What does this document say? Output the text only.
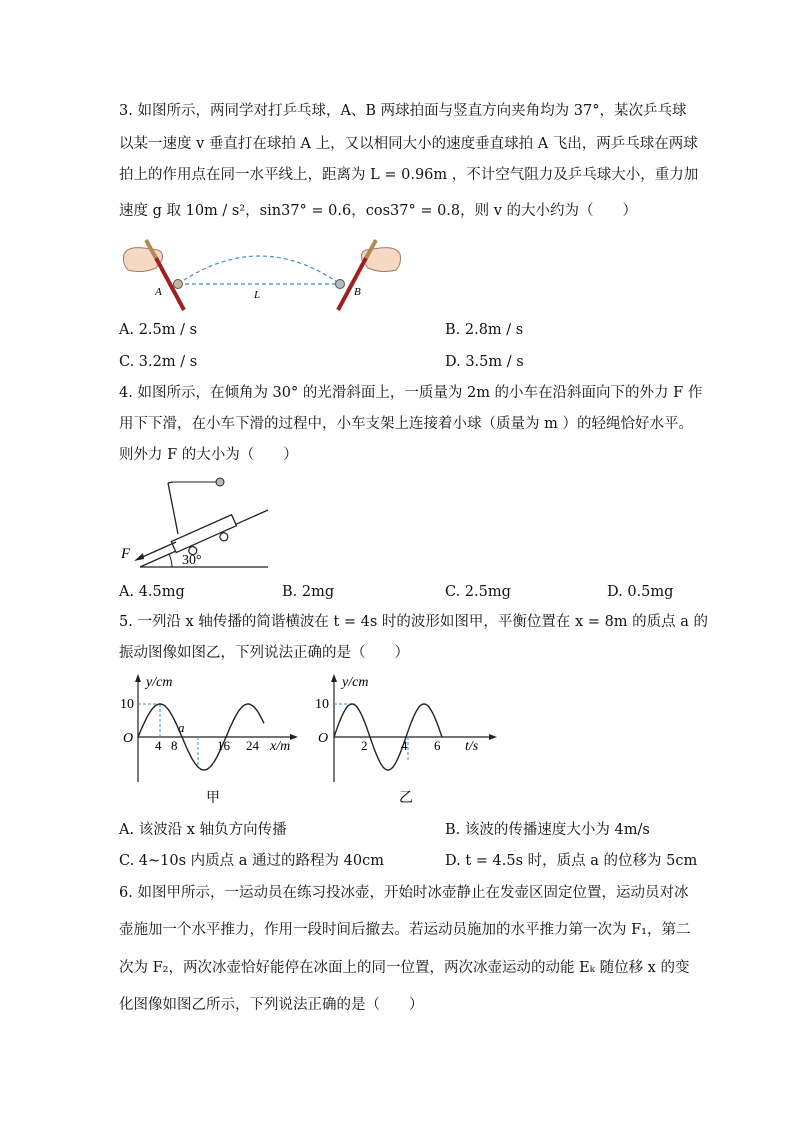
3. 如图所示，两同学对打乒乓球，A、B 两球拍面与竖直方向夹角均为 37°，某次乒乓球
以某一速度 v 垂直打在球拍 A 上，又以相同大小的速度垂直球拍 A 飞出，两乒乓球在两球
拍上的作用点在同一水平线上，距离为 L = 0.96m ，不计空气阻力及乒乓球大小，重力加
速度 g 取 10m / s²，sin37° = 0.6，cos37° = 0.8，则 v 的大小约为（　　）
A	B
L
A. 2.5m / s	B. 2.8m / s
C. 3.2m / s	D. 3.5m / s
4. 如图所示，在倾角为 30° 的光滑斜面上，一质量为 2m 的小车在沿斜面向下的外力 F 作
用下下滑，在小车下滑的过程中，小车支架上连接着小球（质量为 m ）的轻绳恰好水平。
则外力 F 的大小为（　　）
F	30°
A. 4.5mg	B. 2mg	C. 2.5mg	D. 0.5mg
5. 一列沿 x 轴传播的简谐横波在 t = 4s 时的波形如图甲，平衡位置在 x = 8m 的质点 a 的
振动图像如图乙，下列说法正确的是（　　）
y/cm
10
O 4 8	16 24 x/m
a
甲
y/cm
10
O	2	4 6 t/s
乙
A. 该波沿 x 轴负方向传播	B. 该波的传播速度大小为 4m/s
C. 4~10s 内质点 a 通过的路程为 40cm	D. t = 4.5s 时，质点 a 的位移为 5cm
6. 如图甲所示，一运动员在练习投冰壶，开始时冰壶静止在发壶区固定位置，运动员对冰
壶施加一个水平推力，作用一段时间后撤去。若运动员施加的水平推力第一次为 F₁，第二
次为 F₂，两次冰壶恰好能停在冰面上的同一位置，两次冰壶运动的动能 Eₖ 随位移 x 的变
化图像如图乙所示，下列说法正确的是（　　）
